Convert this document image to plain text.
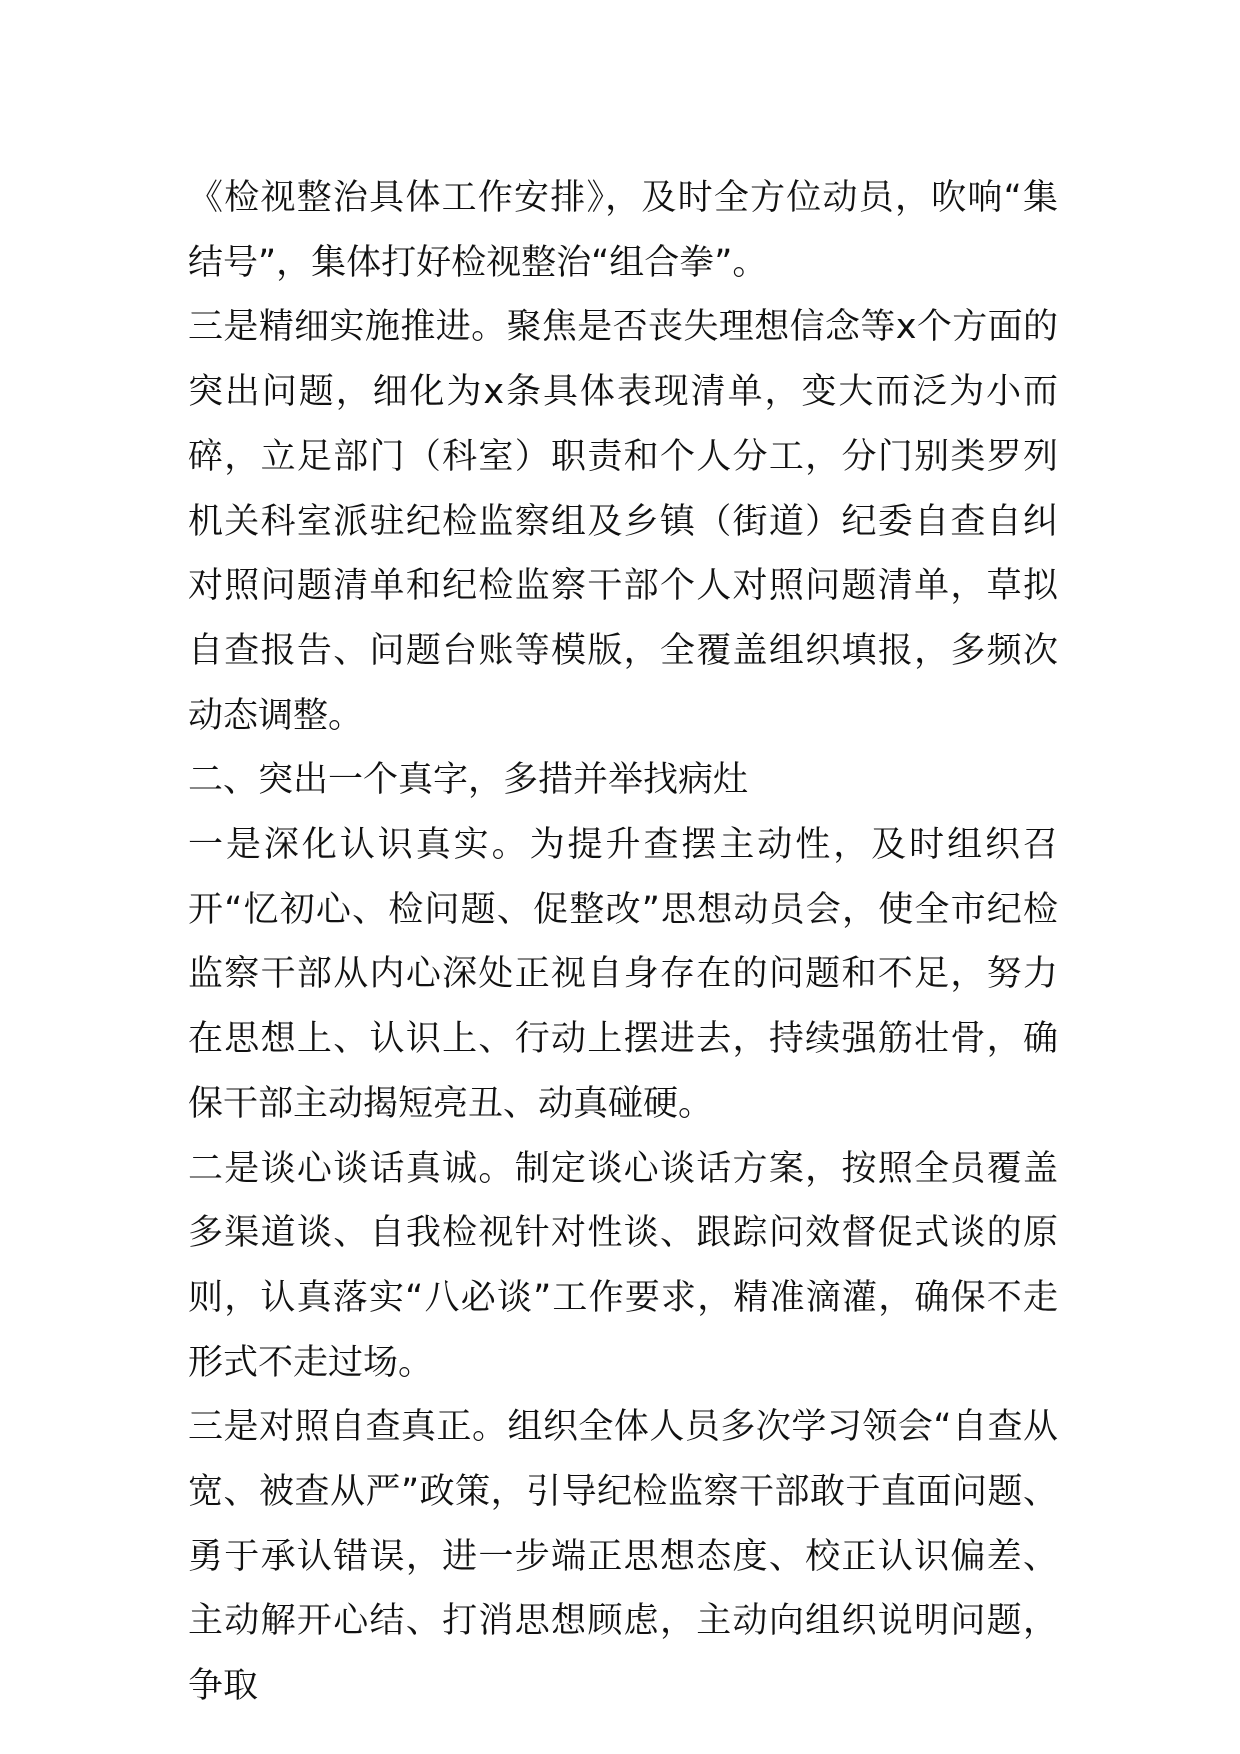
《检视整治具体工作安排》，及时全方位动员，吹响“集结号”，集体打好检视整治“组合拳”。

三是精细实施推进。聚焦是否丧失理想信念等x个方面的突出问题，细化为x条具体表现清单，变大而泛为小而碎，立足部门（科室）职责和个人分工，分门别类罗列机关科室派驻纪检监察组及乡镇（街道）纪委自查自纠对照问题清单和纪检监察干部个人对照问题清单，草拟自查报告、问题台账等模版，全覆盖组织填报，多频次动态调整。

二、突出一个真字，多措并举找病灶

一是深化认识真实。为提升查摆主动性，及时组织召开“忆初心、检问题、促整改”思想动员会，使全市纪检监察干部从内心深处正视自身存在的问题和不足，努力在思想上、认识上、行动上摆进去，持续强筋壮骨，确保干部主动揭短亮丑、动真碰硬。

二是谈心谈话真诚。制定谈心谈话方案，按照全员覆盖多渠道谈、自我检视针对性谈、跟踪问效督促式谈的原则，认真落实“八必谈”工作要求，精准滴灌，确保不走形式不走过场。

三是对照自查真正。组织全体人员多次学习领会“自查从宽、被查从严”政策，引导纪检监察干部敢于直面问题、勇于承认错误，进一步端正思想态度、校正认识偏差、主动解开心结、打消思想顾虑，主动向组织说明问题，争取
